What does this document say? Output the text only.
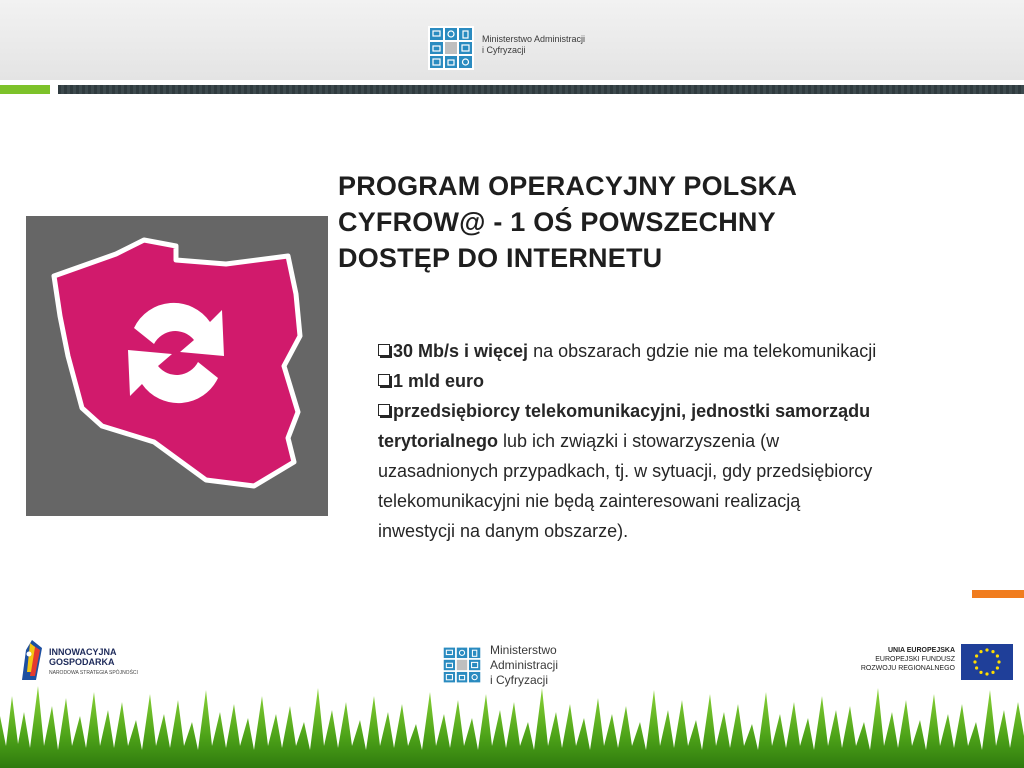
Ministerstwo Administracji
i Cyfryzacji
PROGRAM OPERACYJNY POLSKA
CYFROW@ - 1 OŚ POWSZECHNY
DOSTĘP DO INTERNETU
30 Mb/s i więcej na obszarach gdzie nie ma telekomunikacji
1 mld euro
przedsiębiorcy telekomunikacyjni, jednostki samorządu terytorialnego lub ich związki i stowarzyszenia (w uzasadnionych przypadkach, tj. w sytuacji, gdy przedsiębiorcy telekomunikacyjni nie będą zainteresowani realizacją inwestycji na danym obszarze).
INNOWACYJNA
GOSPODARKA
NARODOWA STRATEGIA SPÓJNOŚCI
Ministerstwo
Administracji
i Cyfryzacji
UNIA EUROPEJSKA
EUROPEJSKI FUNDUSZ
ROZWOJU REGIONALNEGO
